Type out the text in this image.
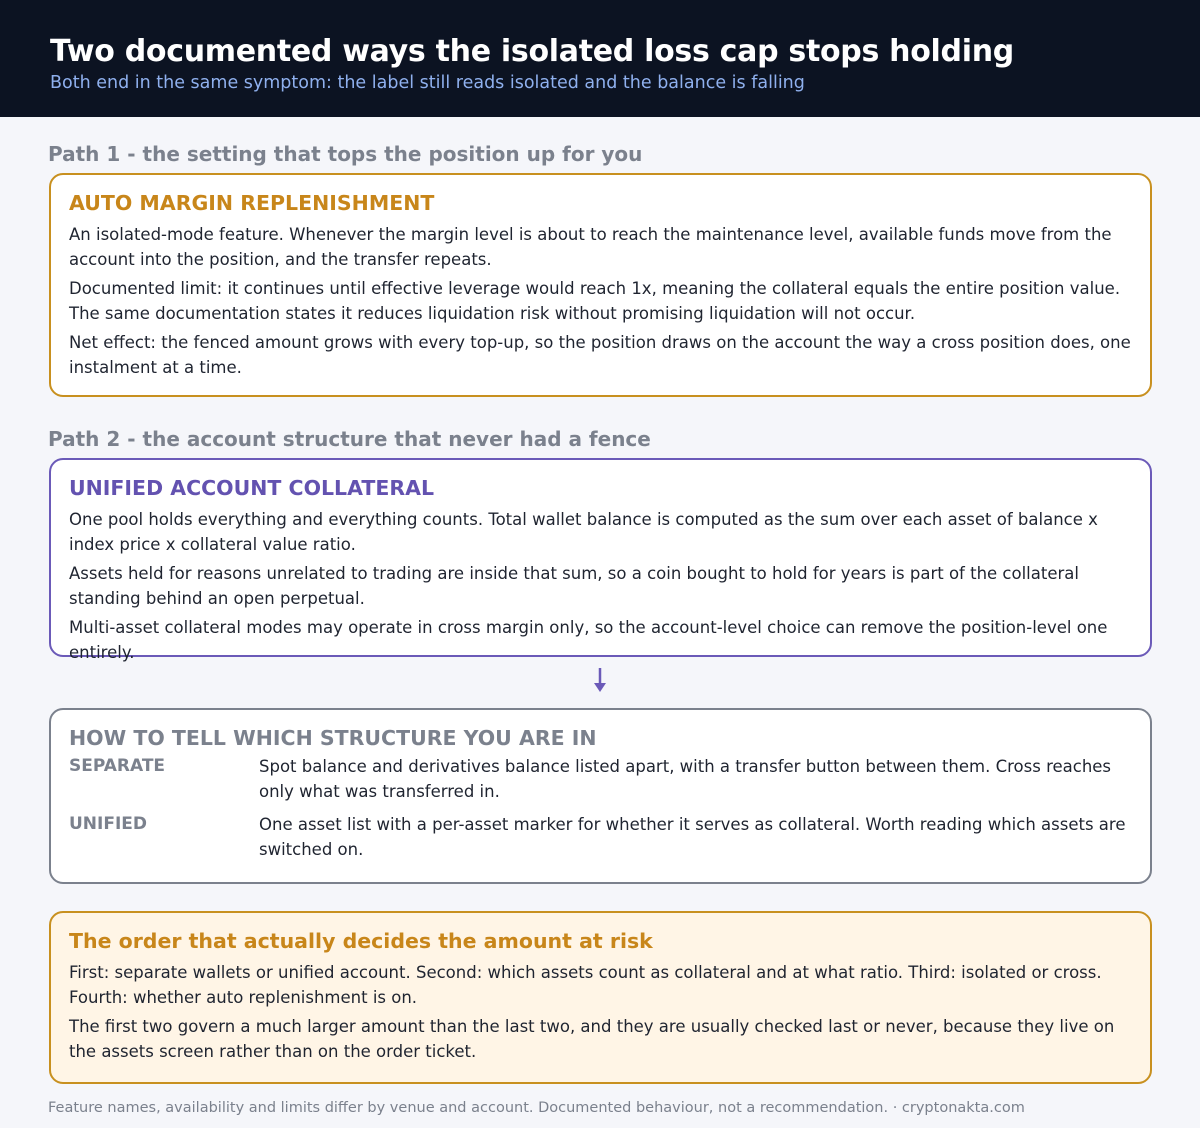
Two documented ways the isolated loss cap stops holding
Both end in the same symptom: the label still reads isolated and the balance is falling
Path 1 - the setting that tops the position up for you
AUTO MARGIN REPLENISHMENT

An isolated-mode feature. Whenever the margin level is about to reach the maintenance level, available funds move from the account into the position, and the transfer repeats.

Documented limit: it continues until effective leverage would reach 1x, meaning the collateral equals the entire position value. The same documentation states it reduces liquidation risk without promising liquidation will not occur.

Net effect: the fenced amount grows with every top-up, so the position draws on the account the way a cross position does, one instalment at a time.

Path 2 - the account structure that never had a fence
UNIFIED ACCOUNT COLLATERAL

One pool holds everything and everything counts. Total wallet balance is computed as the sum over each asset of balance x index price x collateral value ratio.

Assets held for reasons unrelated to trading are inside that sum, so a coin bought to hold for years is part of the collateral standing behind an open perpetual.

Multi-asset collateral modes may operate in cross margin only, so the account-level choice can remove the position-level one entirely.

HOW TO TELL WHICH STRUCTURE YOU ARE IN
SEPARATE	Spot balance and derivatives balance listed apart, with a transfer button between them. Cross reaches only what was transferred in.
UNIFIED	One asset list with a per-asset marker for whether it serves as collateral. Worth reading which assets are switched on.
The order that actually decides the amount at risk

First: separate wallets or unified account. Second: which assets count as collateral and at what ratio. Third: isolated or cross. Fourth: whether auto replenishment is on.

The first two govern a much larger amount than the last two, and they are usually checked last or never, because they live on the assets screen rather than on the order ticket.

Feature names, availability and limits differ by venue and account. Documented behaviour, not a recommendation. · cryptonakta.com
